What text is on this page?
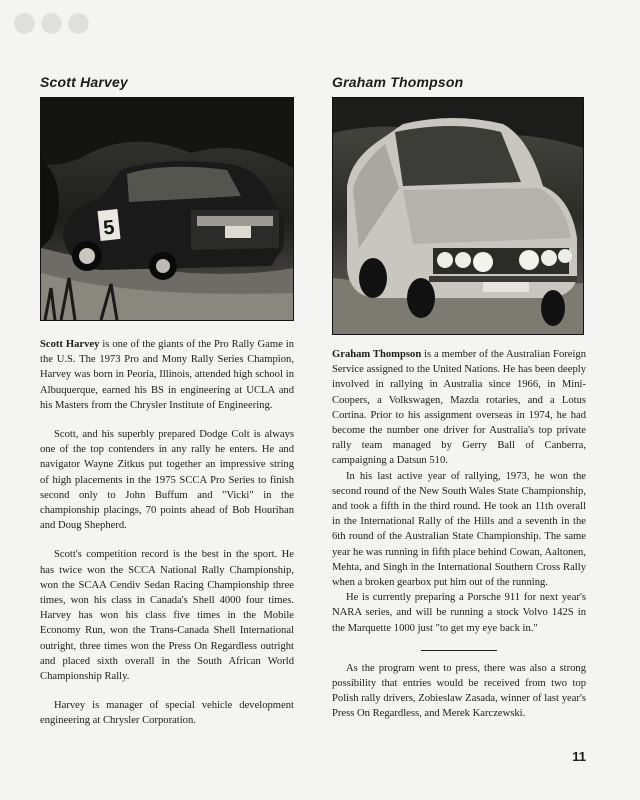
●●●
Scott Harvey
5

Scott Harvey is one of the giants of the Pro Rally Game in the U.S. The 1973 Pro and Mony Rally Series Champion, Harvey was born in Peoria, Illinois, attended high school in Albuquerque, earned his BS in engineering at UCLA and his Masters from the Chrysler Institute of Engineering.

Scott, and his superbly prepared Dodge Colt is always one of the top contenders in any rally he enters. He and navigator Wayne Zitkus put together an impressive string of high placements in the 1975 SCCA Pro Series to finish second only to John Buffum and "Vicki" in the championship placings, 70 points ahead of Bob Hourihan and Doug Shepherd.

Scott's competition record is the best in the sport. He has twice won the SCCA National Rally Championship, won the SCAA Cendiv Sedan Racing Championship three times, won his class in Canada's Shell 4000 four times. Harvey has won his class five times in the Mobile Economy Run, won the Trans-Canada Shell International outright, three times won the Press On Regardless outright and placed sixth overall in the South African World Championship Rally.

Harvey is manager of special vehicle development engineering at Chrysler Corporation.

Graham Thompson

Graham Thompson is a member of the Australian Foreign Service assigned to the United Nations. He has been deeply involved in rallying in Australia since 1966, in Mini-Coopers, a Volkswagen, Mazda rotaries, and a Lotus Cortina. Prior to his assignment overseas in 1974, he had become the number one driver for Australia's top private rally team managed by Gerry Ball of Canberra, campaigning a Datsun 510.

In his last active year of rallying, 1973, he won the second round of the New South Wales State Championship, and took a fifth in the third round. He took an 11th overall in the International Rally of the Hills and a seventh in the 6th round of the Australian State Championship. The same year he was running in fifth place behind Cowan, Aaltonen, Mehta, and Singh in the International Southern Cross Rally when a broken gearbox put him out of the running.

He is currently preparing a Porsche 911 for next year's NARA series, and will be running a stock Volvo 142S in the Marquette 1000 just "to get my eye back in."

As the program went to press, there was also a strong possibility that entries would be received from two top Polish rally drivers, Zobieslaw Zasada, winner of last year's Press On Regardless, and Merek Karczewski.

11
